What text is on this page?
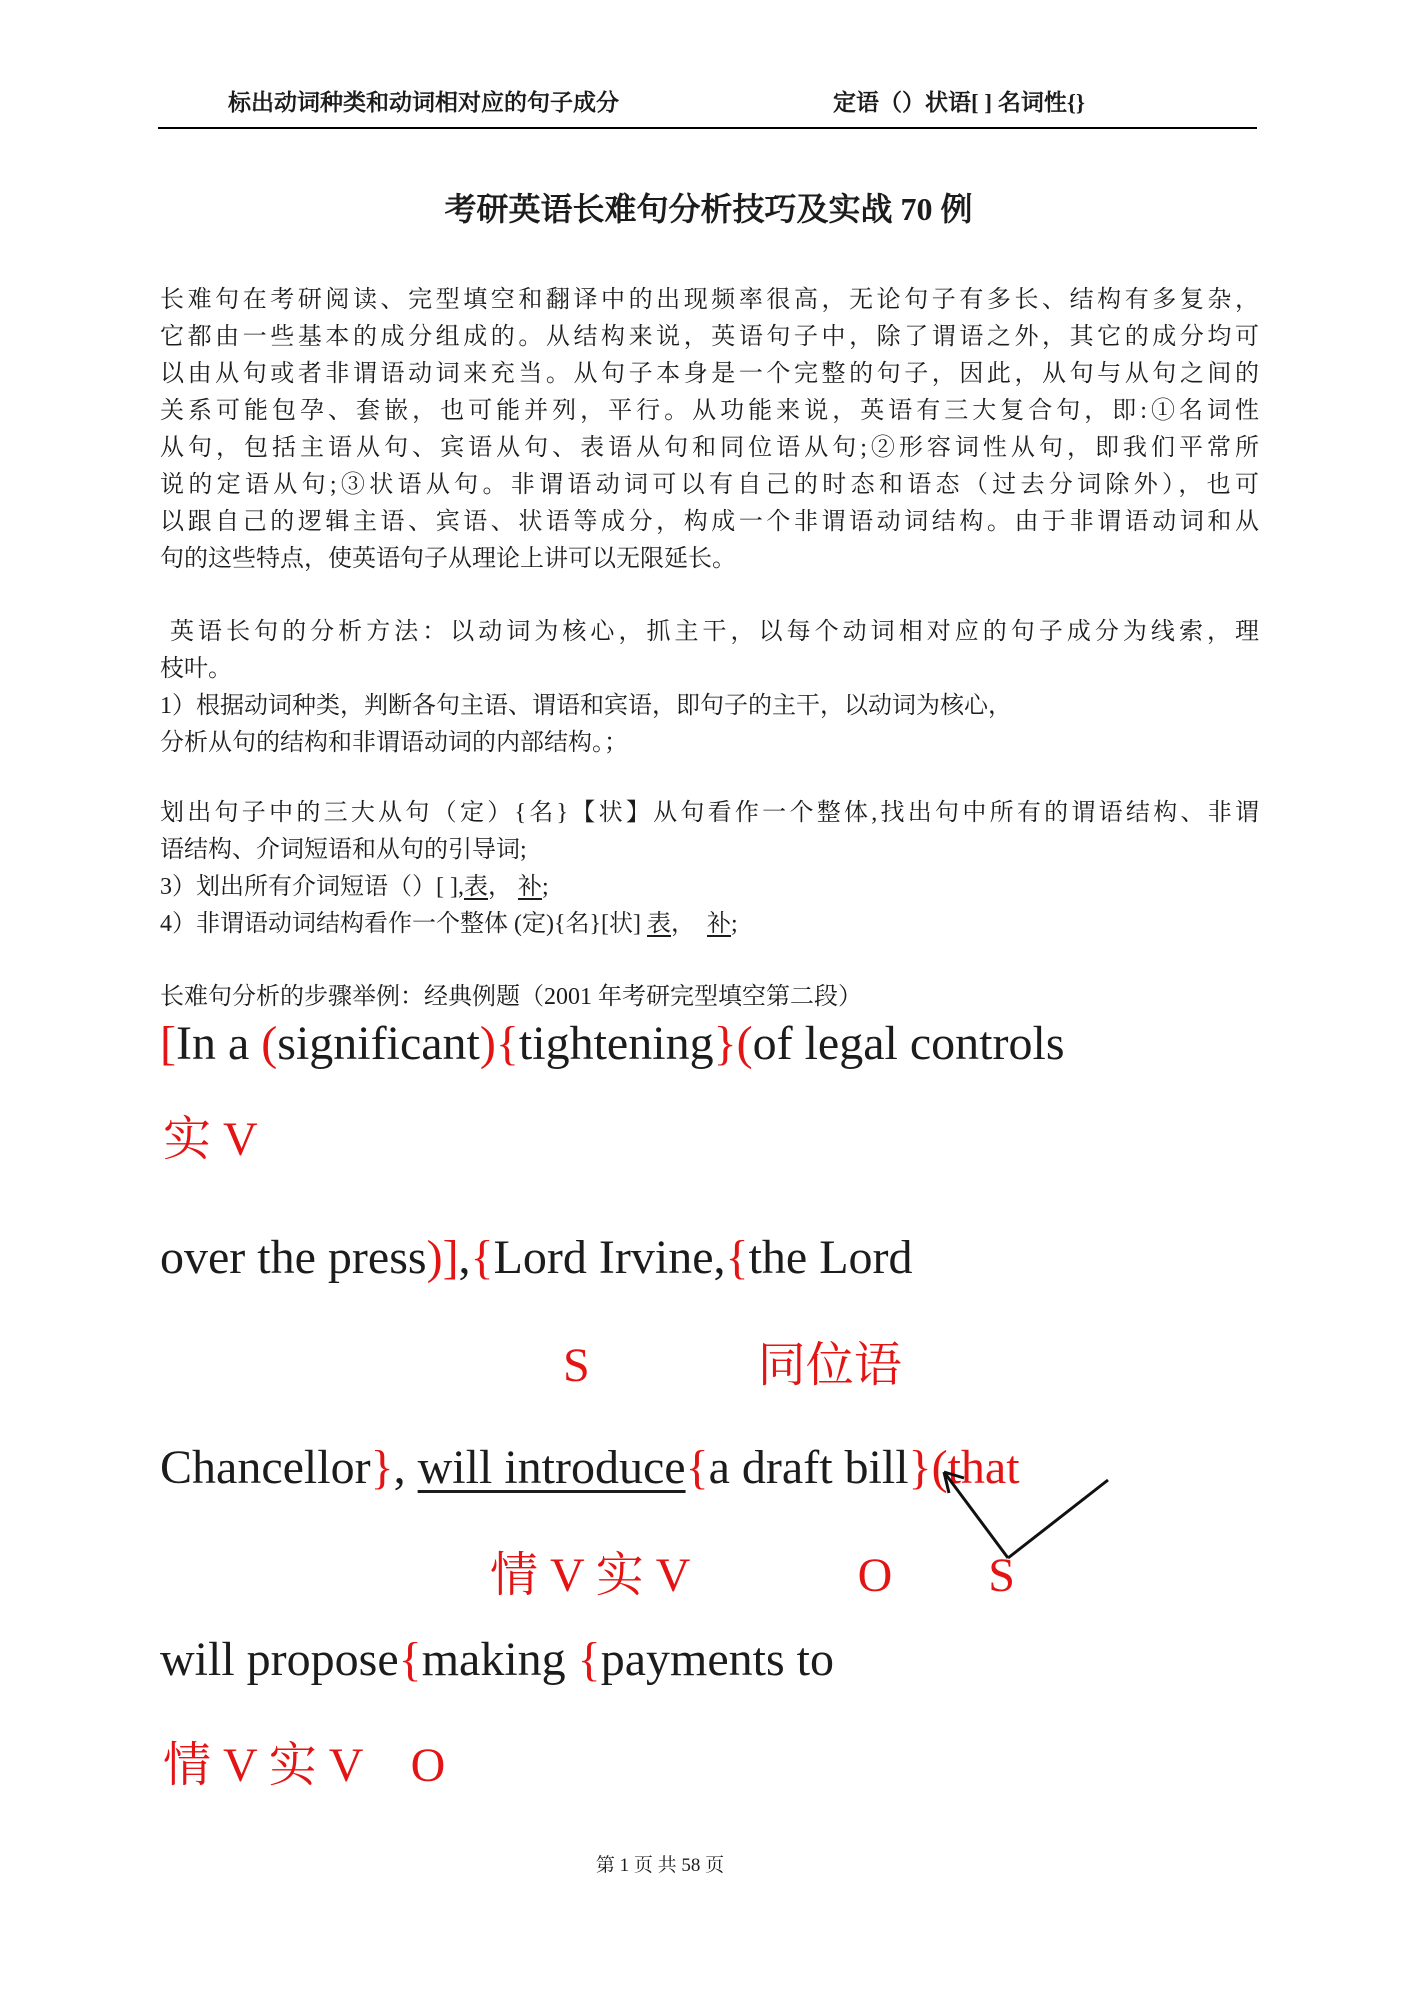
标出动词种类和动词相对应的句子成分	定语（）状语[ ] 名词性{}
考研英语长难句分析技巧及实战 70 例
长难句在考研阅读、完型填空和翻译中的出现频率很高，无论句子有多长、结构有多复杂，
它都由一些基本的成分组成的。从结构来说，英语句子中，除了谓语之外，其它的成分均可
以由从句或者非谓语动词来充当。从句子本身是一个完整的句子，因此，从句与从句之间的
关系可能包孕、套嵌，也可能并列，平行。从功能来说，英语有三大复合句，即:①名词性
从句，包括主语从句、宾语从句、表语从句和同位语从句;②形容词性从句，即我们平常所
说的定语从句;③状语从句。非谓语动词可以有自己的时态和语态（过去分词除外），也可
以跟自己的逻辑主语、宾语、状语等成分，构成一个非谓语动词结构。由于非谓语动词和从
句的这些特点，使英语句子从理论上讲可以无限延长。
英语长句的分析方法：以动词为核心，抓主干，以每个动词相对应的句子成分为线索，理
枝叶。
1）根据动词种类，判断各句主语、谓语和宾语，即句子的主干，以动词为核心，
分析从句的结构和非谓语动词的内部结构。；
划出句子中的三大从句（定）{名}【状】从句看作一个整体,找出句中所有的谓语结构、非谓
语结构、介词短语和从句的引导词;
3）划出所有介词短语（）[ ],表， 补;
4）非谓语动词结构看作一个整体 (定){名}[状] 表，  补;
长难句分析的步骤举例：经典例题（2001 年考研完型填空第二段）
[In a (significant){tightening}(of legal controls
实 V
over the press)],{Lord Irvine,{the Lord
S              同位语
Chancellor}, will introduce{a draft bill}(that
情 V 实 V              O        S
will propose{making {payments to
情 V 实 V    O
第 1 页 共 58 页
